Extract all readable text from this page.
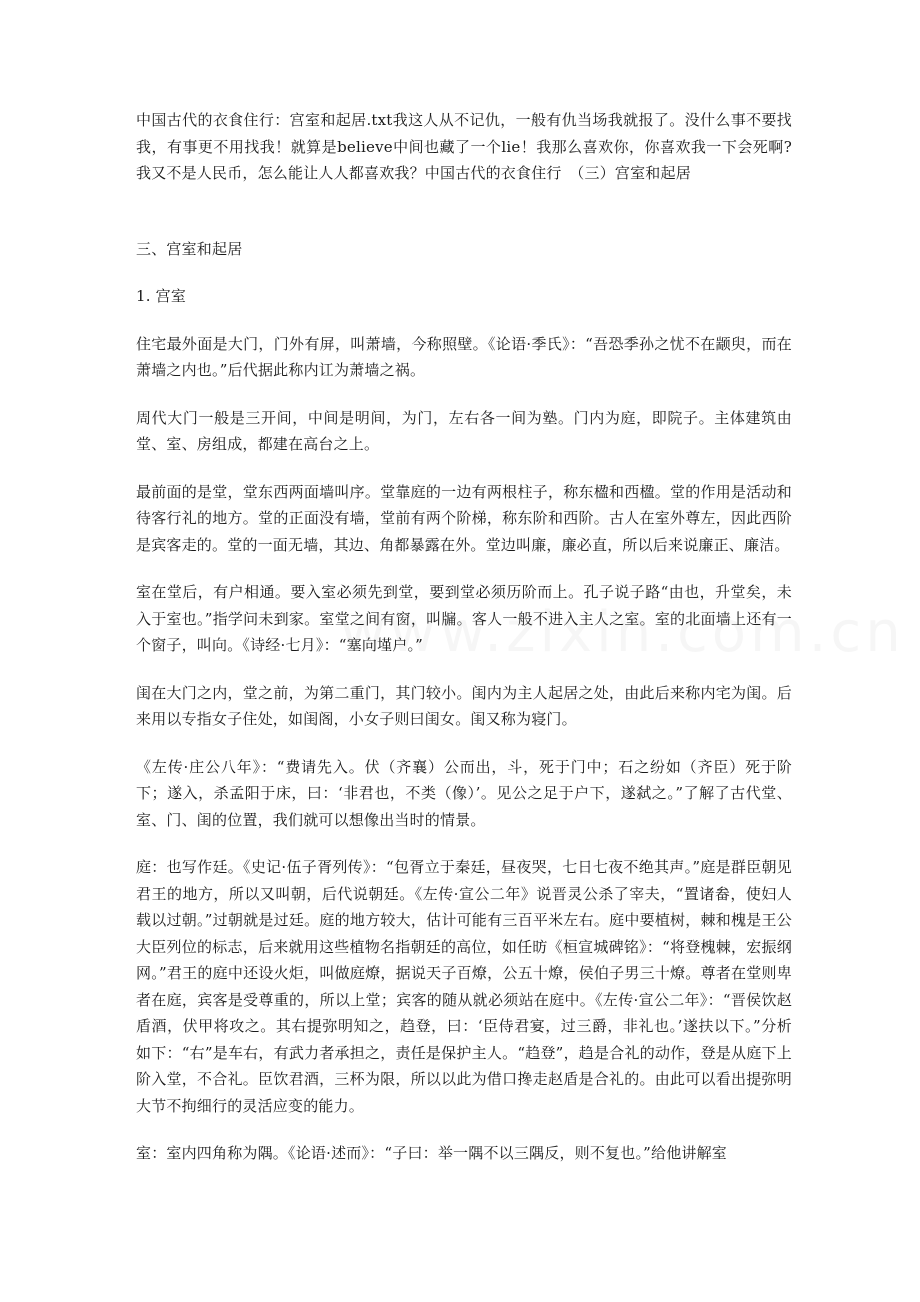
中国古代的衣食住行：宫室和起居.txt我这人从不记仇，一般有仇当场我就报了。没什么事不要找我，有事更不用找我！就算是believe中间也藏了一个lie！我那么喜欢你，你喜欢我一下会死啊?我又不是人民币，怎么能让人人都喜欢我？中国古代的衣食住行　（三）宫室和起居

三、宫室和起居

1. 宫室

住宅最外面是大门，门外有屏，叫萧墙，今称照壁。《论语·季氏》：“吾恐季孙之忧不在颛臾，而在萧墙之内也。”后代据此称内讧为萧墙之祸。

周代大门一般是三开间，中间是明间，为门，左右各一间为塾。门内为庭，即院子。主体建筑由堂、室、房组成，都建在高台之上。

最前面的是堂，堂东西两面墙叫序。堂靠庭的一边有两根柱子，称东楹和西楹。堂的作用是活动和待客行礼的地方。堂的正面没有墙，堂前有两个阶梯，称东阶和西阶。古人在室外尊左，因此西阶是宾客走的。堂的一面无墙，其边、角都暴露在外。堂边叫廉，廉必直，所以后来说廉正、廉洁。

室在堂后，有户相通。要入室必须先到堂，要到堂必须历阶而上。孔子说子路“由也，升堂矣，未入于室也。”指学问未到家。室堂之间有窗，叫牖。客人一般不进入主人之室。室的北面墙上还有一个窗子，叫向。《诗经·七月》：“塞向墐户。”

闺在大门之内，堂之前，为第二重门，其门较小。闺内为主人起居之处，由此后来称内宅为闺。后来用以专指女子住处，如闺阁，小女子则曰闺女。闺又称为寝门。

《左传·庄公八年》：“费请先入。伏（齐襄）公而出，斗，死于门中；石之纷如（齐臣）死于阶下；遂入，杀孟阳于床，曰：‘非君也，不类（像）’。见公之足于户下，遂弑之。”了解了古代堂、室、门、闺的位置，我们就可以想像出当时的情景。

庭：也写作廷。《史记·伍子胥列传》：“包胥立于秦廷，昼夜哭，七日七夜不绝其声。”庭是群臣朝见君王的地方，所以又叫朝，后代说朝廷。《左传·宣公二年》说晋灵公杀了宰夫，“置诸畚，使妇人载以过朝。”过朝就是过廷。庭的地方较大，估计可能有三百平米左右。庭中要植树，棘和槐是王公大臣列位的标志，后来就用这些植物名指朝廷的高位，如任昉《桓宣城碑铭》：“将登槐棘，宏振纲网。”君王的庭中还设火炬，叫做庭燎，据说天子百燎，公五十燎，侯伯子男三十燎。尊者在堂则卑者在庭，宾客是受尊重的，所以上堂；宾客的随从就必须站在庭中。《左传·宣公二年》：“晋侯饮赵盾酒，伏甲将攻之。其右提弥明知之，趋登，曰：‘臣侍君宴，过三爵，非礼也。’遂扶以下。”分析如下：“右”是车右，有武力者承担之，责任是保护主人。“趋登”，趋是合礼的动作，登是从庭下上阶入堂，不合礼。臣饮君酒，三杯为限，所以以此为借口搀走赵盾是合礼的。由此可以看出提弥明大节不拘细行的灵活应变的能力。

室：室内四角称为隅。《论语·述而》：“子曰：举一隅不以三隅反，则不复也。”给他讲解室
